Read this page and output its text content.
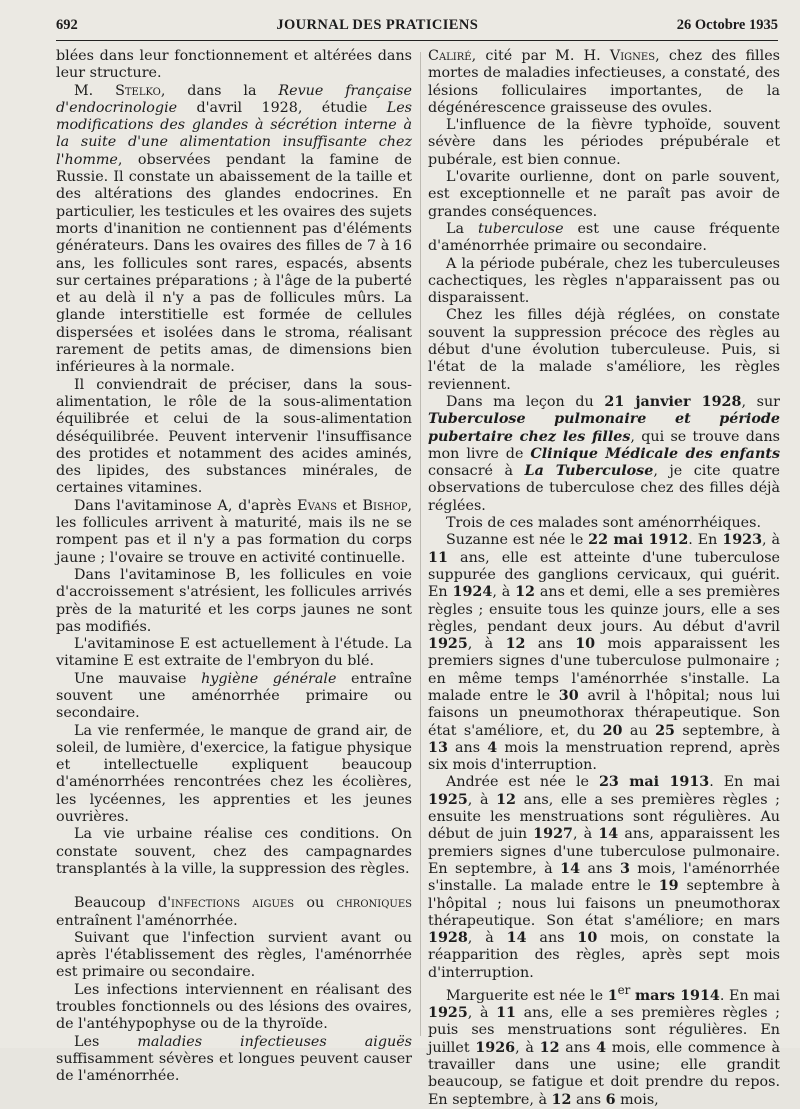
692	JOURNAL DES PRATICIENS	26 Octobre 1935

blées dans leur fonctionnement et altérées dans leur structure.

M. Stelko, dans la Revue française d'endocrinologie d'avril 1928, étudie Les modifications des glandes à sécrétion interne à la suite d'une alimentation insuffisante chez l'homme, observées pendant la famine de Russie. Il constate un abaissement de la taille et des altérations des glandes endocrines. En particulier, les testicules et les ovaires des sujets morts d'inanition ne contiennent pas d'éléments générateurs. Dans les ovaires des filles de 7 à 16 ans, les follicules sont rares, espacés, absents sur certaines préparations ; à l'âge de la puberté et au delà il n'y a pas de follicules mûrs. La glande interstitielle est formée de cellules dispersées et isolées dans le stroma, réalisant rarement de petits amas, de dimensions bien inférieures à la normale.

Il conviendrait de préciser, dans la sous-alimentation, le rôle de la sous-alimentation équilibrée et celui de la sous-alimentation déséquilibrée. Peuvent intervenir l'insuffisance des protides et notamment des acides aminés, des lipides, des substances minérales, de certaines vitamines.

Dans l'avitaminose A, d'après Evans et Bishop, les follicules arrivent à maturité, mais ils ne se rompent pas et il n'y a pas formation du corps jaune ; l'ovaire se trouve en activité continuelle.

Dans l'avitaminose B, les follicules en voie d'accroissement s'atrésient, les follicules arrivés près de la maturité et les corps jaunes ne sont pas modifiés.

L'avitaminose E est actuellement à l'étude. La vitamine E est extraite de l'embryon du blé.

Une mauvaise hygiène générale entraîne souvent une aménorrhée primaire ou secondaire.

La vie renfermée, le manque de grand air, de soleil, de lumière, d'exercice, la fatigue physique et intellectuelle expliquent beaucoup d'aménorrhées rencontrées chez les écolières, les lycéennes, les apprenties et les jeunes ouvrières.

La vie urbaine réalise ces conditions. On constate souvent, chez des campagnardes transplantés à la ville, la suppression des règles.

Beaucoup d'infections aigues ou chroniques entraînent l'aménorrhée.

Suivant que l'infection survient avant ou après l'établissement des règles, l'aménorrhée est primaire ou secondaire.

Les infections interviennent en réalisant des troubles fonctionnels ou des lésions des ovaires, de l'antéhypophyse ou de la thyroïde.

Les maladies infectieuses aiguës suffisamment sévères et longues peuvent causer de l'aménorrhée.

Caliré, cité par M. H. Vignes, chez des filles mortes de maladies infectieuses, a constaté, des lésions folliculaires importantes, de la dégénérescence graisseuse des ovules.

L'influence de la fièvre typhoïde, souvent sévère dans les périodes prépubérale et pubérale, est bien connue.

L'ovarite ourlienne, dont on parle souvent, est exceptionnelle et ne paraît pas avoir de grandes conséquences.

La tuberculose est une cause fréquente d'aménorrhée primaire ou secondaire.

A la période pubérale, chez les tuberculeuses cachectiques, les règles n'apparaissent pas ou disparaissent.

Chez les filles déjà réglées, on constate souvent la suppression précoce des règles au début d'une évolution tuberculeuse. Puis, si l'état de la malade s'améliore, les règles reviennent.

Dans ma leçon du 21 janvier 1928, sur Tuberculose pulmonaire et période pubertaire chez les filles, qui se trouve dans mon livre de Clinique Médicale des enfants consacré à La Tuberculose, je cite quatre observations de tuberculose chez des filles déjà réglées.

Trois de ces malades sont aménorrhéiques.

Suzanne est née le 22 mai 1912. En 1923, à 11 ans, elle est atteinte d'une tuberculose suppurée des ganglions cervicaux, qui guérit. En 1924, à 12 ans et demi, elle a ses premières règles ; ensuite tous les quinze jours, elle a ses règles, pendant deux jours. Au début d'avril 1925, à 12 ans 10 mois apparaissent les premiers signes d'une tuberculose pulmonaire ; en même temps l'aménorrhée s'installe. La malade entre le 30 avril à l'hôpital; nous lui faisons un pneumothorax thérapeutique. Son état s'améliore, et, du 20 au 25 septembre, à 13 ans 4 mois la menstruation reprend, après six mois d'interruption.

Andrée est née le 23 mai 1913. En mai 1925, à 12 ans, elle a ses premières règles ; ensuite les menstruations sont régulières. Au début de juin 1927, à 14 ans, apparaissent les premiers signes d'une tuberculose pulmonaire. En septembre, à 14 ans 3 mois, l'aménorrhée s'installe. La malade entre le 19 septembre à l'hôpital ; nous lui faisons un pneumothorax thérapeutique. Son état s'améliore; en mars 1928, à 14 ans 10 mois, on constate la réapparition des règles, après sept mois d'interruption.

Marguerite est née le 1er mars 1914. En mai 1925, à 11 ans, elle a ses premières règles ; puis ses menstruations sont régulières. En juillet 1926, à 12 ans 4 mois, elle commence à travailler dans une usine; elle grandit beaucoup, se fatigue et doit prendre du repos. En septembre, à 12 ans 6 mois,
